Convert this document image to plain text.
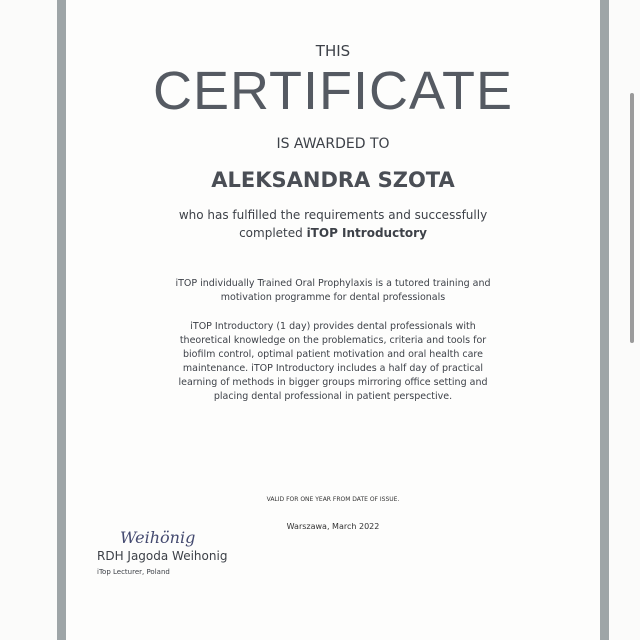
THIS
CERTIFICATE
IS AWARDED TO
ALEKSANDRA SZOTA
who has fulfilled the requirements and successfully
completed iTOP Introductory
iTOP individually Trained Oral Prophylaxis is a tutored training and motivation programme for dental professionals
iTOP Introductory (1 day) provides dental professionals with theoretical knowledge on the problematics, criteria and tools for biofilm control, optimal patient motivation and oral health care maintenance. iTOP Introductory includes a half day of practical learning of methods in bigger groups mirroring office setting and placing dental professional in patient perspective.
VALID FOR ONE YEAR FROM DATE OF ISSUE.
Warszawa, March 2022
Weihönig
RDH Jagoda Weihonig
iTop Lecturer, Poland
